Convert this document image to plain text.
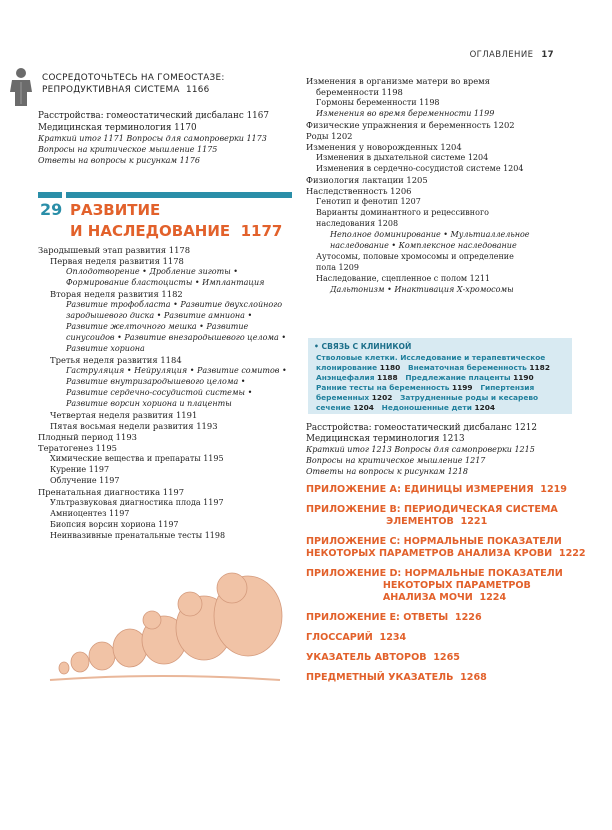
ОГЛАВЛЕНИЕ 17
СОСРЕДОТОЧЬТЕСЬ НА ГОМЕОСТАЗЕ:
РЕПРОДУКТИВНАЯ СИСТЕМА 1166
Расстройства: гомеостатический дисбаланс 1167
Медицинская терминология 1170
Краткий итог 1171 Вопросы для самопроверки 1173
Вопросы на критическое мышление 1175
Ответы на вопросы к рисункам 1176
29 РАЗВИТИЕ
И НАСЛЕДОВАНИЕ 1177
Зародышевый этап развития 1178
Первая неделя развития 1178
Оплодотворение • Дробление зиготы •
Формирование бластоцисты • Имплантация
Вторая неделя развития 1182
Развитие трофобласта • Развитие двухслойного
зародышевого диска • Развитие амниона •
Развитие желточного мешка • Развитие
синусоидов • Развитие внезародышевого целома •
Развитие хориона
Третья неделя развития 1184
Гаструляция • Нейруляция • Развитие сомитов •
Развитие внутризародышевого целома •
Развитие сердечно-сосудистой системы •
Развитие ворсин хориона и плаценты
Четвертая неделя развития 1191
Пятая восьмая недели развития 1193
Плодный период 1193
Тератогенез 1195
Химические вещества и препараты 1195
Курение 1197
Облучение 1197
Пренатальная диагностика 1197
Ультразвуковая диагностика плода 1197
Амниоцентез 1197
Биопсия ворсин хориона 1197
Неинвазивные пренатальные тесты 1198
Изменения в организме матери во время
беременности 1198
Гормоны беременности 1198
Изменения во время беременности 1199
Физические упражнения и беременность 1202
Роды 1202
Изменения у новорожденных 1204
Изменения в дыхательной системе 1204
Изменения в сердечно-сосудистой системе 1204
Физиология лактации 1205
Наследственность 1206
Генотип и фенотип 1207
Варианты доминантного и рецессивного
наследования 1208
Неполное доминирование • Мультиаллельное
наследование • Комплексное наследование
Аутосомы, половые хромосомы и определение
пола 1209
Наследование, сцепленное с полом 1211
Дальтонизм • Инактивация Х-хромосомы
• СВЯЗЬ С КЛИНИКОЙ
Стволовые клетки. Исследование и терапевтическое
клонирование 1180 Внематочная беременность 1182
Анэнцефалия 1188 Предлежание плаценты 1190
Ранние тесты на беременность 1199 Гипертензия
беременных 1202 Затрудненные роды и кесарево
сечение 1204 Недоношенные дети 1204
Расстройства: гомеостатический дисбаланс 1212
Медицинская терминология 1213
Краткий итог 1213 Вопросы для самопроверки 1215
Вопросы на критическое мышление 1217
Ответы на вопросы к рисункам 1218
ПРИЛОЖЕНИЕ A: ЕДИНИЦЫ ИЗМЕРЕНИЯ  1219
ПРИЛОЖЕНИЕ B: ПЕРИОДИЧЕСКАЯ СИСТЕМА
ЭЛЕМЕНТОВ  1221
ПРИЛОЖЕНИЕ C: НОРМАЛЬНЫЕ ПОКАЗАТЕЛИ
НЕКОТОРЫХ ПАРАМЕТРОВ АНАЛИЗА КРОВИ  1222
ПРИЛОЖЕНИЕ D: НОРМАЛЬНЫЕ ПОКАЗАТЕЛИ
НЕКОТОРЫХ ПАРАМЕТРОВ
АНАЛИЗА МОЧИ  1224
ПРИЛОЖЕНИЕ E: ОТВЕТЫ  1226
ГЛОССАРИЙ  1234
УКАЗАТЕЛЬ АВТОРОВ  1265
ПРЕДМЕТНЫЙ УКАЗАТЕЛЬ  1268
